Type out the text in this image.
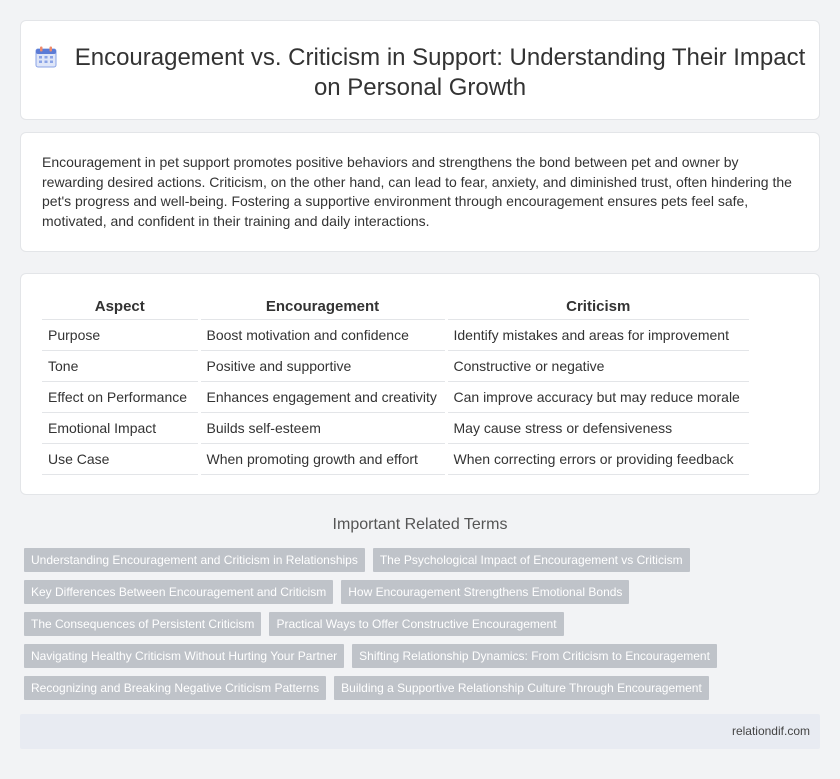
Encouragement vs. Criticism in Support: Understanding Their Impact on Personal Growth

Encouragement in pet support promotes positive behaviors and strengthens the bond between pet and owner by rewarding desired actions. Criticism, on the other hand, can lead to fear, anxiety, and diminished trust, often hindering the pet's progress and well-being. Fostering a supportive environment through encouragement ensures pets feel safe, motivated, and confident in their training and daily interactions.

Aspect	Encouragement	Criticism
Purpose	Boost motivation and confidence	Identify mistakes and areas for improvement
Tone	Positive and supportive	Constructive or negative
Effect on Performance	Enhances engagement and creativity	Can improve accuracy but may reduce morale
Emotional Impact	Builds self-esteem	May cause stress or defensiveness
Use Case	When promoting growth and effort	When correcting errors or providing feedback
Important Related Terms
Understanding Encouragement and Criticism in Relationships	The Psychological Impact of Encouragement vs Criticism
Key Differences Between Encouragement and Criticism	How Encouragement Strengthens Emotional Bonds
The Consequences of Persistent Criticism	Practical Ways to Offer Constructive Encouragement
Navigating Healthy Criticism Without Hurting Your Partner	Shifting Relationship Dynamics: From Criticism to Encouragement
Recognizing and Breaking Negative Criticism Patterns	Building a Supportive Relationship Culture Through Encouragement
relationdif.com
